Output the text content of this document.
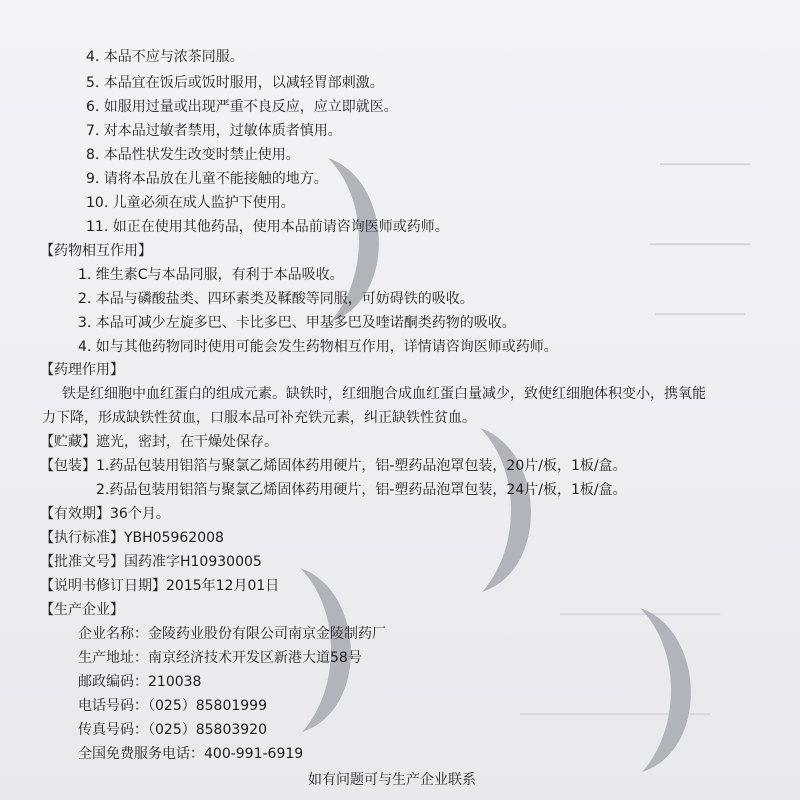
▁▁▁▁▁▁▁▁▁
▁▁▁▁▁▁▁▁▁▁
▁▁▁▁▁▁▁▁▁
▁▁▁▁▁▁▁▁▁▁▁▁▁▁▁▁
▁▁▁▁▁▁▁▁▁▁▁▁▁▁▁▁▁▁▁
4. 本品不应与浓茶同服。
5. 本品宜在饭后或饭时服用，以减轻胃部刺激。
6. 如服用过量或出现严重不良反应，应立即就医。
7. 对本品过敏者禁用，过敏体质者慎用。
8. 本品性状发生改变时禁止使用。
9. 请将本品放在儿童不能接触的地方。
10. 儿童必须在成人监护下使用。
11. 如正在使用其他药品，使用本品前请咨询医师或药师。
【药物相互作用】
1. 维生素C与本品同服，有利于本品吸收。
2. 本品与磷酸盐类、四环素类及鞣酸等同服，可妨碍铁的吸收。
3. 本品可减少左旋多巴、卡比多巴、甲基多巴及喹诺酮类药物的吸收。
4. 如与其他药物同时使用可能会发生药物相互作用，详情请咨询医师或药师。
【药理作用】
铁是红细胞中血红蛋白的组成元素。缺铁时，红细胞合成血红蛋白量减少，致使红细胞体积变小，携氧能
力下降，形成缺铁性贫血，口服本品可补充铁元素，纠正缺铁性贫血。
【贮藏】遮光，密封，在干燥处保存。
【包装】1.药品包装用铝箔与聚氯乙烯固体药用硬片，铝-塑药品泡罩包装，20片/板，1板/盒。
2.药品包装用铝箔与聚氯乙烯固体药用硬片，铝-塑药品泡罩包装，24片/板，1板/盒。
【有效期】36个月。
【执行标准】YBH05962008
【批准文号】国药准字H10930005
【说明书修订日期】2015年12月01日
【生产企业】
企业名称：金陵药业股份有限公司南京金陵制药厂
生产地址：南京经济技术开发区新港大道58号
邮政编码：210038
电话号码：（025）85801999
传真号码：（025）85803920
全国免费服务电话：400-991-6919
如有问题可与生产企业联系
